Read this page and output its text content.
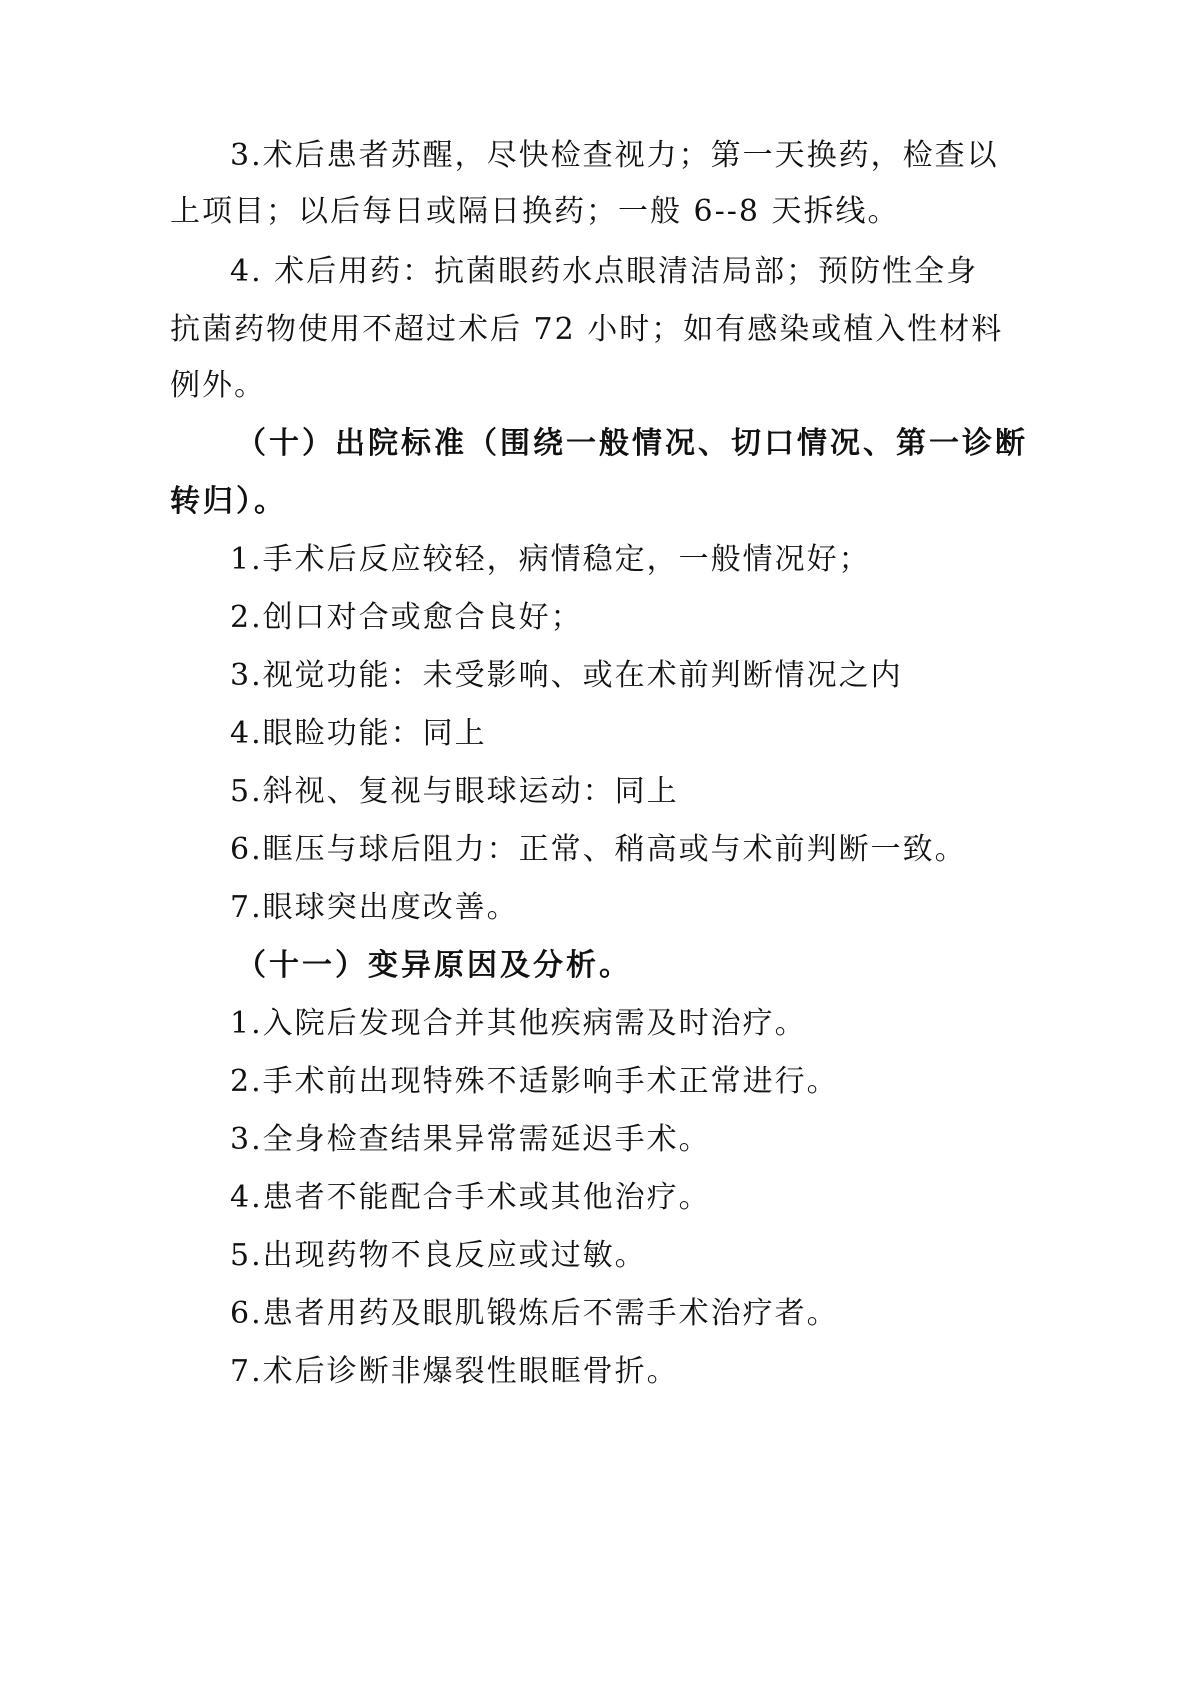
3.术后患者苏醒，尽快检查视力；第一天换药，检查以
上项目；以后每日或隔日换药；一般 6--8 天拆线。
4. 术后用药：抗菌眼药水点眼清洁局部；预防性全身
抗菌药物使用不超过术后 72 小时；如有感染或植入性材料
例外。
（十）出院标准（围绕一般情况、切口情况、第一诊断
转归）。
1.手术后反应较轻，病情稳定，一般情况好；
2.创口对合或愈合良好；
3.视觉功能：未受影响、或在术前判断情况之内
4.眼睑功能：同上
5.斜视、复视与眼球运动：同上
6.眶压与球后阻力：正常、稍高或与术前判断一致。
7.眼球突出度改善。
（十一）变异原因及分析。
1.入院后发现合并其他疾病需及时治疗。
2.手术前出现特殊不适影响手术正常进行。
3.全身检查结果异常需延迟手术。
4.患者不能配合手术或其他治疗。
5.出现药物不良反应或过敏。
6.患者用药及眼肌锻炼后不需手术治疗者。
7.术后诊断非爆裂性眼眶骨折。
